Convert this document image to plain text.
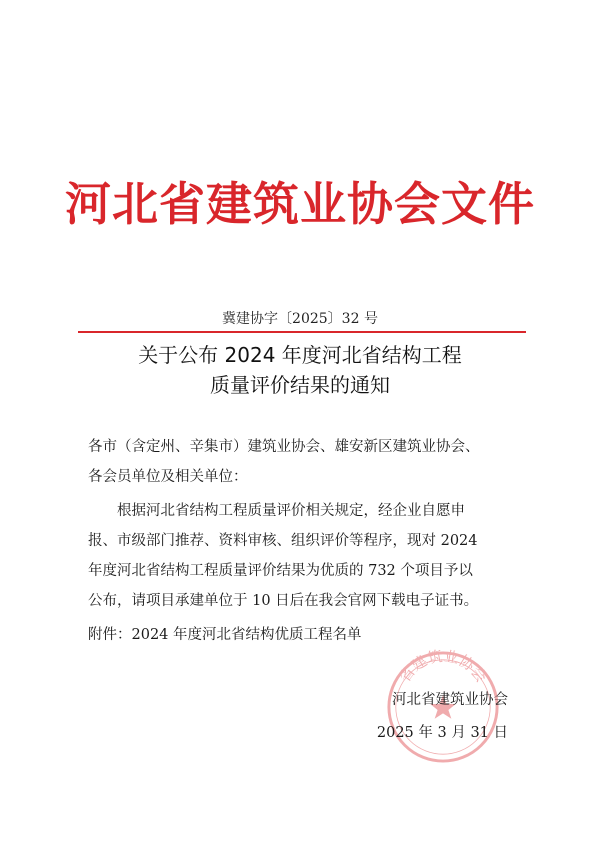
河北省建筑业协会文件
冀建协字〔2025〕32 号
关于公布 2024 年度河北省结构工程
质量评价结果的通知
各市（含定州、辛集市）建筑业协会、雄安新区建筑业协会、
各会员单位及相关单位：
根据河北省结构工程质量评价相关规定，经企业自愿申
报、市级部门推荐、资料审核、组织评价等程序，现对 2024
年度河北省结构工程质量评价结果为优质的 732 个项目予以
公布，请项目承建单位于 10 日后在我会官网下载电子证书。
附件：2024 年度河北省结构优质工程名单
省建筑业协会
河北省建筑业协会
2025 年 3 月 31 日
